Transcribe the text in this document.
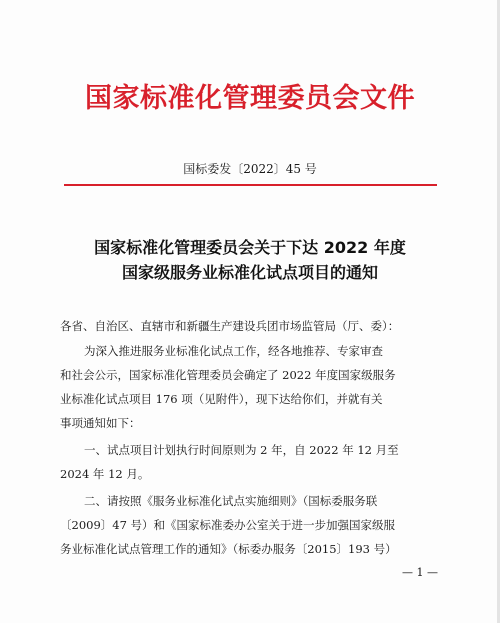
国家标准化管理委员会文件
国标委发〔2022〕45 号
国家标准化管理委员会关于下达 2022 年度
国家级服务业标准化试点项目的通知
各省、自治区、直辖市和新疆生产建设兵团市场监管局（厅、委）：
为深入推进服务业标准化试点工作，经各地推荐、专家审查
和社会公示，国家标准化管理委员会确定了 2022 年度国家级服务
业标准化试点项目 176 项（见附件），现下达给你们，并就有关
事项通知如下：
一、试点项目计划执行时间原则为 2 年，自 2022 年 12 月至
2024 年 12 月。
二、请按照《服务业标准化试点实施细则》（国标委服务联
〔2009〕47 号）和《国家标准委办公室关于进一步加强国家级服
务业标准化试点管理工作的通知》（标委办服务〔2015〕193 号）
— 1 —
